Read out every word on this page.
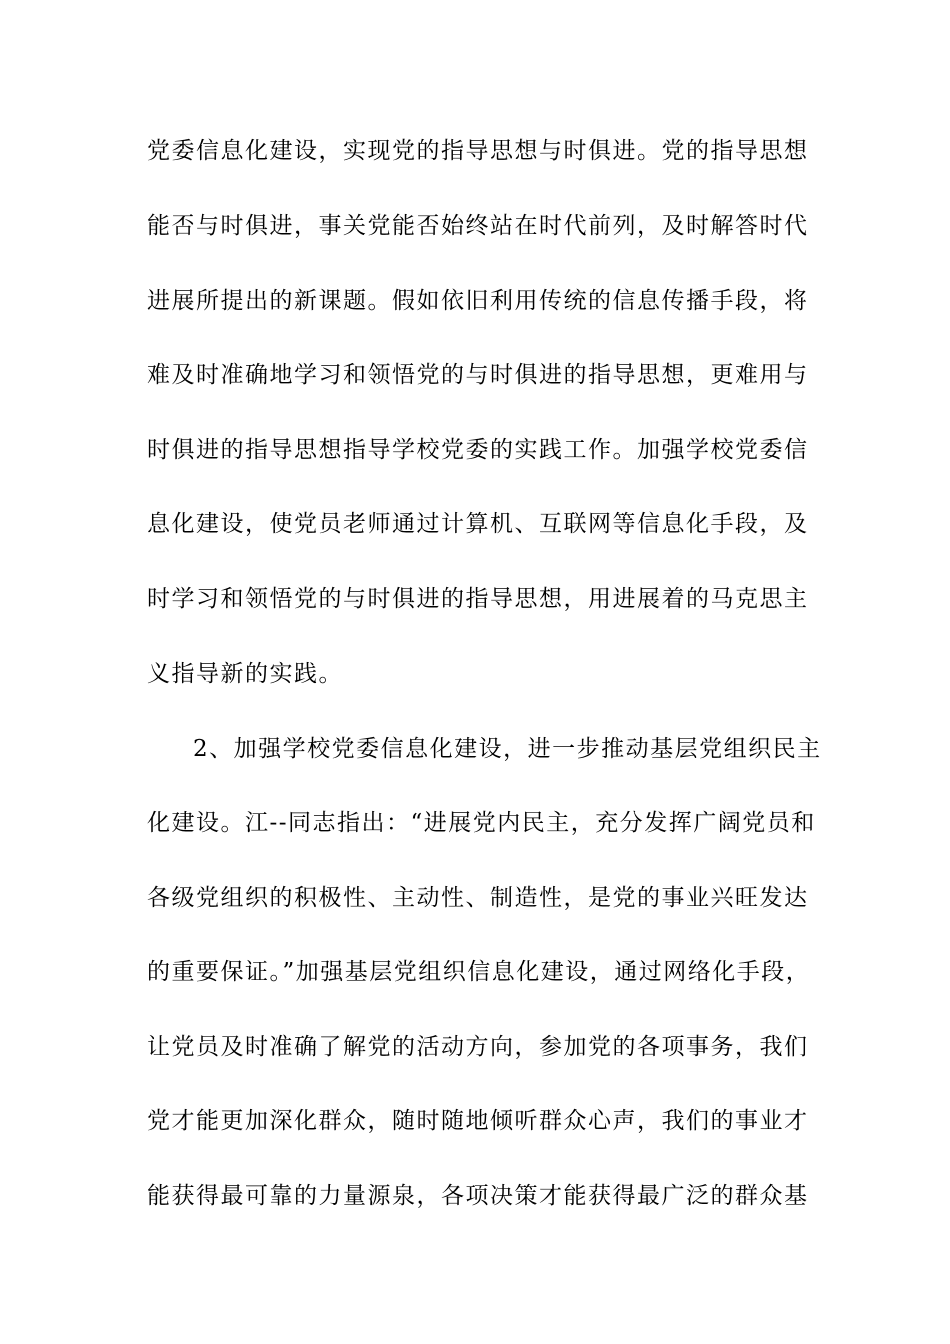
党委信息化建设，实现党的指导思想与时俱进。党的指导思想
能否与时俱进，事关党能否始终站在时代前列，及时解答时代
进展所提出的新课题。假如依旧利用传统的信息传播手段，将
难及时准确地学习和领悟党的与时俱进的指导思想，更难用与
时俱进的指导思想指导学校党委的实践工作。加强学校党委信
息化建设，使党员老师通过计算机、互联网等信息化手段，及
时学习和领悟党的与时俱进的指导思想，用进展着的马克思主
义指导新的实践。
2、加强学校党委信息化建设，进一步推动基层党组织民主
化建设。江--同志指出：“进展党内民主，充分发挥广阔党员和
各级党组织的积极性、主动性、制造性，是党的事业兴旺发达
的重要保证。”加强基层党组织信息化建设，通过网络化手段，
让党员及时准确了解党的活动方向，参加党的各项事务，我们
党才能更加深化群众，随时随地倾听群众心声，我们的事业才
能获得最可靠的力量源泉，各项决策才能获得最广泛的群众基
